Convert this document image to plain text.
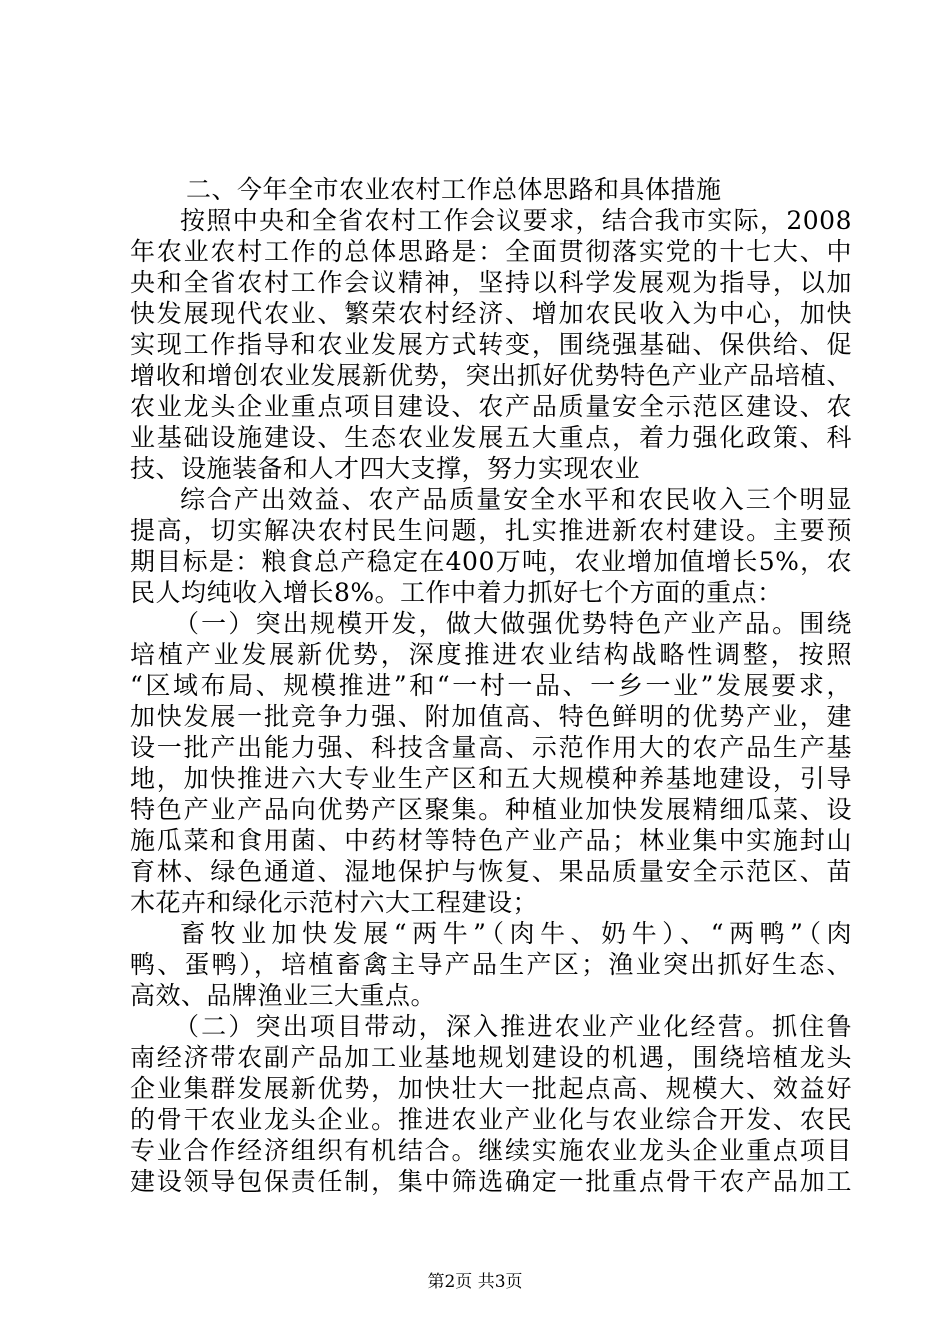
二、今年全市农业农村工作总体思路和具体措施
按照中央和全省农村工作会议要求，结合我市实际，2008
年农业农村工作的总体思路是：全面贯彻落实党的十七大、中
央和全省农村工作会议精神，坚持以科学发展观为指导，以加
快发展现代农业、繁荣农村经济、增加农民收入为中心，加快
实现工作指导和农业发展方式转变，围绕强基础、保供给、促
增收和增创农业发展新优势，突出抓好优势特色产业产品培植、
农业龙头企业重点项目建设、农产品质量安全示范区建设、农
业基础设施建设、生态农业发展五大重点，着力强化政策、科
技、设施装备和人才四大支撑，努力实现农业
综合产出效益、农产品质量安全水平和农民收入三个明显
提高，切实解决农村民生问题，扎实推进新农村建设。主要预
期目标是：粮食总产稳定在400万吨，农业增加值增长5%，农
民人均纯收入增长8%。工作中着力抓好七个方面的重点：
（一）突出规模开发，做大做强优势特色产业产品。围绕
培植产业发展新优势，深度推进农业结构战略性调整，按照
“区域布局、规模推进”和“一村一品、一乡一业”发展要求，
加快发展一批竞争力强、附加值高、特色鲜明的优势产业，建
设一批产出能力强、科技含量高、示范作用大的农产品生产基
地，加快推进六大专业生产区和五大规模种养基地建设，引导
特色产业产品向优势产区聚集。种植业加快发展精细瓜菜、设
施瓜菜和食用菌、中药材等特色产业产品；林业集中实施封山
育林、绿色通道、湿地保护与恢复、果品质量安全示范区、苗
木花卉和绿化示范村六大工程建设；
畜牧业加快发展“两牛”（肉牛、奶牛）、“两鸭”（肉
鸭、蛋鸭），培植畜禽主导产品生产区；渔业突出抓好生态、
高效、品牌渔业三大重点。
（二）突出项目带动，深入推进农业产业化经营。抓住鲁
南经济带农副产品加工业基地规划建设的机遇，围绕培植龙头
企业集群发展新优势，加快壮大一批起点高、规模大、效益好
的骨干农业龙头企业。推进农业产业化与农业综合开发、农民
专业合作经济组织有机结合。继续实施农业龙头企业重点项目
建设领导包保责任制，集中筛选确定一批重点骨干农产品加工
第2页 共3页
